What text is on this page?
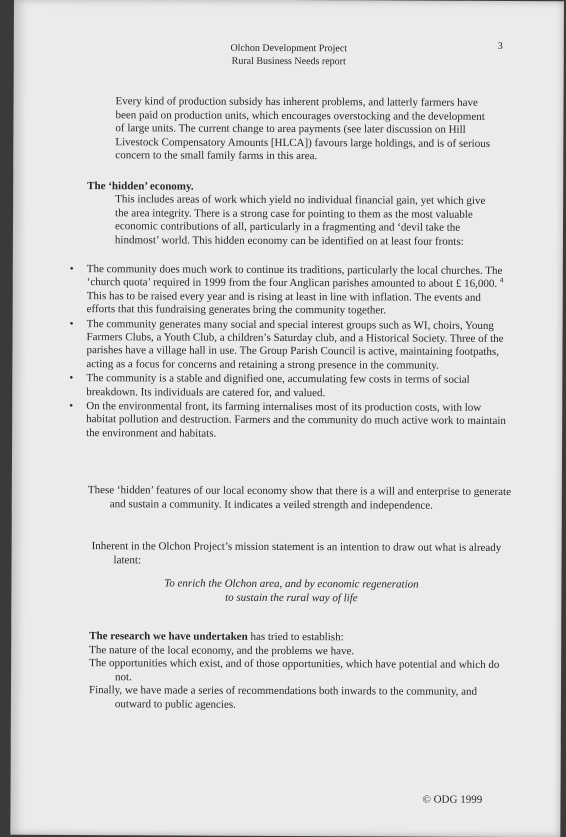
Olchon Development Project
Rural Business Needs report
3
Every kind of production subsidy has inherent problems, and latterly farmers have been paid on production units, which encourages overstocking and the development of large units. The current change to area payments (see later discussion on Hill Livestock Compensatory Amounts [HLCA]) favours large holdings, and is of serious concern to the small family farms in this area.
The ‘hidden’ economy.
This includes areas of work which yield no individual financial gain, yet which give the area integrity. There is a strong case for pointing to them as the most valuable economic contributions of all, particularly in a fragmenting and ‘devil take the hindmost’ world. This hidden economy can be identified on at least four fronts:
• The community does much work to continue its traditions, particularly the local churches. The ‘church quota’ required in 1999 from the four Anglican parishes amounted to about £ 16,000. $^4$ This has to be raised every year and is rising at least in line with inflation. The events and efforts that this fundraising generates bring the community together.
• The community generates many social and special interest groups such as WI, choirs, Young Farmers Clubs, a Youth Club, a children’s Saturday club, and a Historical Society. Three of the parishes have a village hall in use. The Group Parish Council is active, maintaining footpaths, acting as a focus for concerns and retaining a strong presence in the community.
• The community is a stable and dignified one, accumulating few costs in terms of social breakdown. Its individuals are catered for, and valued.
• On the environmental front, its farming internalises most of its production costs, with low habitat pollution and destruction. Farmers and the community do much active work to maintain the environment and habitats.
These ‘hidden’ features of our local economy show that there is a will and enterprise to generate and sustain a community. It indicates a veiled strength and independence.
Inherent in the Olchon Project’s mission statement is an intention to draw out what is already latent:
To enrich the Olchon area, and by economic regeneration
to sustain the rural way of life
The research we have undertaken has tried to establish:
The nature of the local economy, and the problems we have.
The opportunities which exist, and of those opportunities, which have potential and which do not.
Finally, we have made a series of recommendations both inwards to the community, and outward to public agencies.
© ODG 1999
